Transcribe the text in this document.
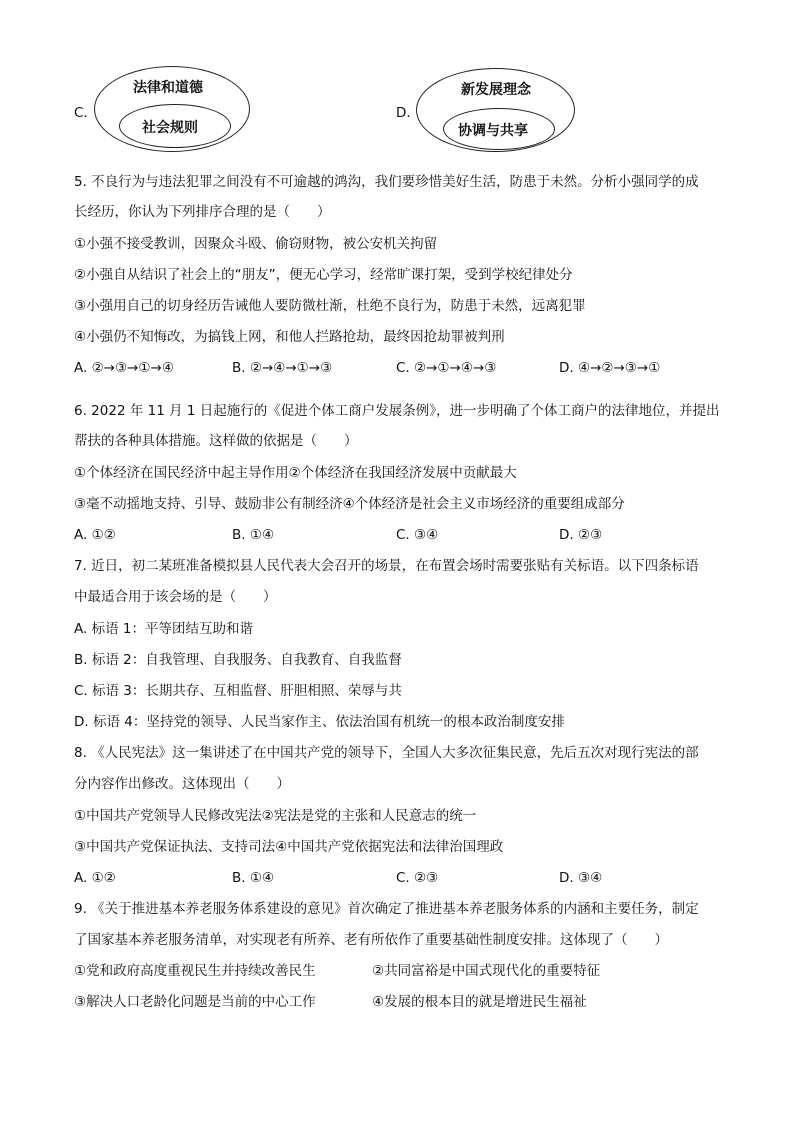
C.
法律和道德
社会规则
D.
新发展理念
协调与共享
5. 不良行为与违法犯罪之间没有不可逾越的鸿沟，我们要珍惜美好生活，防患于未然。分析小强同学的成
长经历，你认为下列排序合理的是（　　）
①小强不接受教训，因聚众斗殴、偷窃财物，被公安机关拘留
②小强自从结识了社会上的“朋友”，便无心学习，经常旷课打架，受到学校纪律处分
③小强用自己的切身经历告诫他人要防微杜渐，杜绝不良行为，防患于未然，远离犯罪
④小强仍不知悔改，为搞钱上网，和他人拦路抢劫，最终因抢劫罪被判刑
A. ②→③→①→④	B. ②→④→①→③	C. ②→①→④→③	D. ④→②→③→①
6. 2022 年 11 月 1 日起施行的《促进个体工商户发展条例》，进一步明确了个体工商户的法律地位，并提出
帮扶的各种具体措施。这样做的依据是（　　）
①个体经济在国民经济中起主导作用②个体经济在我国经济发展中贡献最大
③毫不动摇地支持、引导、鼓励非公有制经济④个体经济是社会主义市场经济的重要组成部分
A. ①②	B. ①④	C. ③④	D. ②③
7. 近日，初二某班准备模拟县人民代表大会召开的场景，在布置会场时需要张贴有关标语。以下四条标语
中最适合用于该会场的是（　　）
A. 标语 1：平等团结互助和谐
B. 标语 2：自我管理、自我服务、自我教育、自我监督
C. 标语 3：长期共存、互相监督、肝胆相照、荣辱与共
D. 标语 4：坚持党的领导、人民当家作主、依法治国有机统一的根本政治制度安排
8. 《人民宪法》这一集讲述了在中国共产党的领导下，全国人大多次征集民意，先后五次对现行宪法的部
分内容作出修改。这体现出（　　）
①中国共产党领导人民修改宪法②宪法是党的主张和人民意志的统一
③中国共产党保证执法、支持司法④中国共产党依据宪法和法律治国理政
A. ①②	B. ①④	C. ②③	D. ③④
9. 《关于推进基本养老服务体系建设的意见》首次确定了推进基本养老服务体系的内涵和主要任务，制定
了国家基本养老服务清单，对实现老有所养、老有所依作了重要基础性制度安排。这体现了（　　）
①党和政府高度重视民生并持续改善民生	②共同富裕是中国式现代化的重要特征
③解决人口老龄化问题是当前的中心工作	④发展的根本目的就是增进民生福祉
